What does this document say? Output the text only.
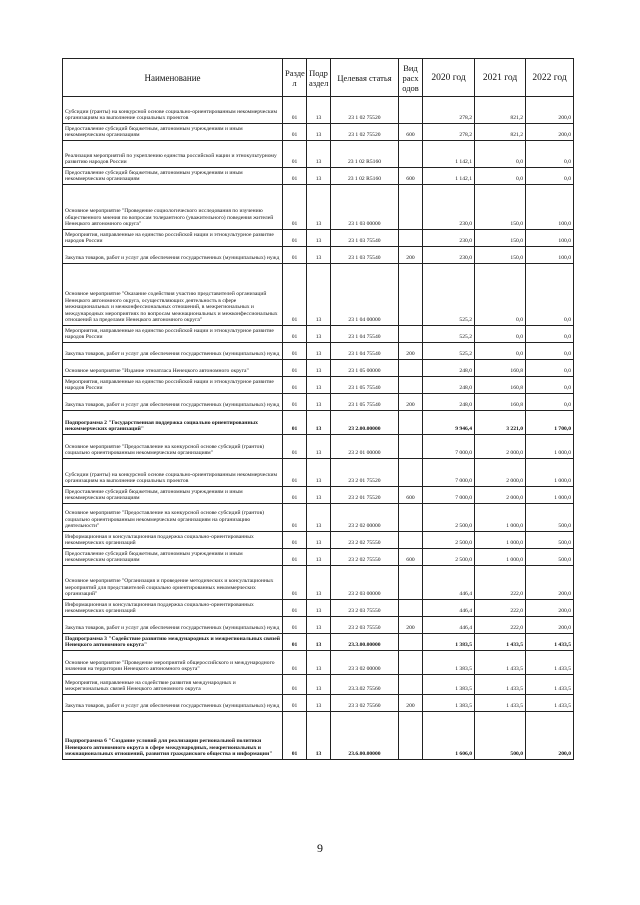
Наименование	Разде л	Подр аздел	Целевая статья	Вид расх одов	2020 год	2021 год	2022 год
Субсидии (гранты) на конкурсной основе социально-ориентированным некоммерческим организациям на выполнение социальных проектов	01	13	23 1 02 75520		278,2	821,2	200,0
Предоставление субсидий бюджетным, автономным учреждениям и иным некоммерческим организациям	01	13	23 1 02 75520	600	278,2	821,2	200,0
Реализация мероприятий по укреплению единства российской нации и этнокультурному развитию народов России	01	13	23 1 02 R5160		1 142,1	0,0	0,0
Предоставление субсидий бюджетным, автономным учреждениям и иным некоммерческим организациям	01	13	23 1 02 R5160	600	1 142,1	0,0	0,0
Основное мероприятие "Проведение социологического исследования по изучению общественного мнения по вопросам толерантного (уважительного) поведения жителей Ненецкого автономного округа"	01	13	23 1 03 00000		230,0	150,0	100,0
Мероприятия, направленные на единство российской нации и этнокультурное развитие народов России	01	13	23 1 03 75540		230,0	150,0	100,0
Закупка товаров, работ и услуг для обеспечения государственных (муниципальных) нужд	01	13	23 1 03 75540	200	230,0	150,0	100,0
Основное мероприятие "Оказание содействия участию представителей организаций Ненецкого автономного округа, осуществляющих деятельность в сфере межнациональных и межконфессиональных отношений, в межрегиональных и международных мероприятиях по вопросам межнациональных и межконфессиональных отношений за пределами Ненецкого автономного округа"	01	13	23 1 04 00000		525,2	0,0	0,0
Мероприятия, направленные на единство российской нации и этнокультурное развитие народов России	01	13	23 1 04 75540		525,2	0,0	0,0
Закупка товаров, работ и услуг для обеспечения государственных (муниципальных) нужд	01	13	23 1 04 75540	200	525,2	0,0	0,0
Основное мероприятие "Издание этноатласа Ненецкого автономного округа"	01	13	23 1 05 00000		248,0	160,8	0,0
Мероприятия, направленные на единство российской нации и этнокультурное развитие народов России	01	13	23 1 05 75540		248,0	160,8	0,0
Закупка товаров, работ и услуг для обеспечения государственных (муниципальных) нужд	01	13	23 1 05 75540	200	248,0	160,8	0,0
Подпрограмма 2 "Государственная поддержка социально ориентированных некоммерческих организаций"	01	13	23 2.00.00000		9 946,4	3 221,0	1 700,0
Основное мероприятие "Предоставление на конкурсной основе субсидий (грантов) социально ориентированным некоммерческим организациям"	01	13	23 2 01 00000		7 000,0	2 000,0	1 000,0
Субсидии (гранты) на конкурсной основе социально-ориентированным некоммерческим организациям на выполнение социальных проектов	01	13	23 2 01 75520		7 000,0	2 000,0	1 000,0
Предоставление субсидий бюджетным, автономным учреждениям и иным некоммерческим организациям	01	13	23 2 01 75520	600	7 000,0	2 000,0	1 000,0
Основное мероприятие "Предоставление на конкурсной основе субсидий (грантов) социально ориентированным некоммерческим организациям на организацию деятельности"	01	13	23 2 02 00000		2 500,0	1 000,0	500,0
Информационная и консультационная поддержка социально-ориентированных некоммерческих организаций	01	13	23 2 02 75550		2 500,0	1 000,0	500,0
Предоставление субсидий бюджетным, автономным учреждениям и иным некоммерческим организациям	01	13	23 2 02 75550	600	2 500,0	1 000,0	500,0
Основное мероприятие "Организация и проведение методических и консультационных мероприятий для представителей социально ориентированных некоммерческих организаций"	01	13	23 2 03 00000		446,4	222,0	200,0
Информационная и консультационная поддержка социально-ориентированных некоммерческих организаций	01	13	23 2 03 75550		446,4	222,0	200,0
Закупка товаров, работ и услуг для обеспечения государственных (муниципальных) нужд	01	13	23 2 03 75550	200	446,4	222,0	200,0
Подпрограмма 3 "Содействие развитию международных и межрегиональных связей Ненецкого автономного округа"	01	13	23.3.00.00000		1 383,5	1 433,5	1 433,5
Основное мероприятие "Проведение мероприятий общероссийского и международного значения на территории Ненецкого автономного округа"	01	13	23 3 02 00000		1 383,5	1 433,5	1 433,5
Мероприятия, направленные на содействие развития международных и межрегиональных связей Ненецкого автономного округа	01	13	23.3.02 75560		1 383,5	1 433,5	1 433,5
Закупка товаров, работ и услуг для обеспечения государственных (муниципальных) нужд	01	13	23 3 02 75560	200	1 383,5	1 433,5	1 433,5
Подпрограмма 6 "Создание условий для реализации региональной политики Ненецкого автономного округа в сфере международных, межрегиональных и межнациональных отношений, развития гражданского общества и информации"	01	13	23.6.00.00000		1 606,0	500,0	200,0
9
